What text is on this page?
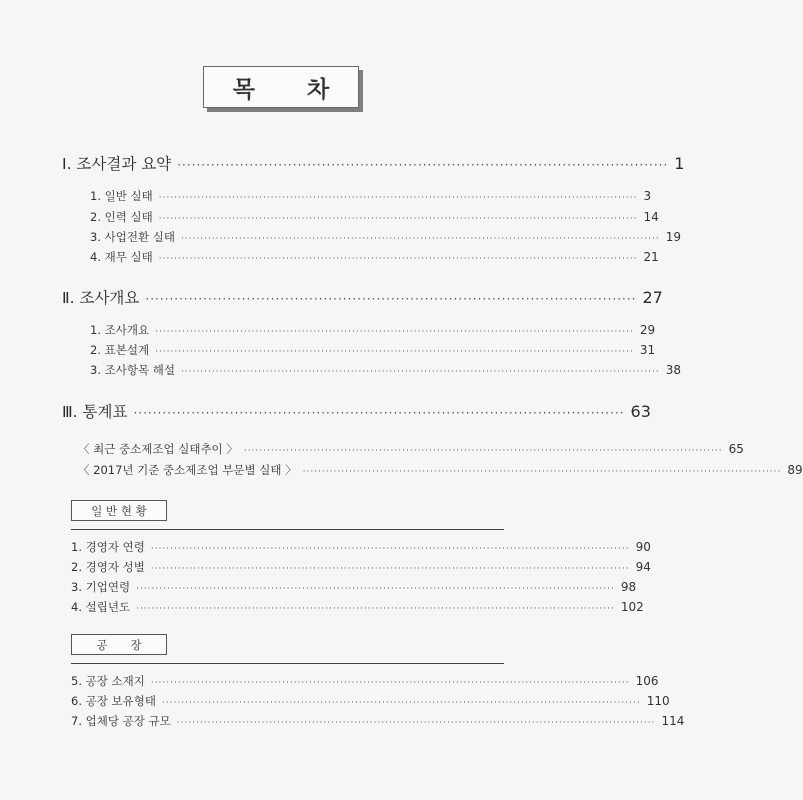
목 차
Ⅰ. 조사결과 요약 ······································································································ 1
1. 일반 실태 ···························································································································· 3
2. 인력 실태 ···························································································································· 14
3. 사업전환 실태 ···························································································································· 19
4. 재무 실태 ···························································································································· 21
Ⅱ. 조사개요 ······································································································ 27
1. 조사개요 ···························································································································· 29
2. 표본설계 ···························································································································· 31
3. 조사항목 해설 ···························································································································· 38
Ⅲ. 통계표 ······································································································ 63
〈 최근 중소제조업 실태추이 〉 ···························································································································· 65
〈 2017년 기준 중소제조업 부문별 실태 〉 ···························································································································· 89
일 반 현 황
1. 경영자 연령 ···························································································································· 90
2. 경영자 성별 ···························································································································· 94
3. 기업연령 ···························································································································· 98
4. 설립년도 ···························································································································· 102
공　　장
5. 공장 소재지 ···························································································································· 106
6. 공장 보유형태 ···························································································································· 110
7. 업체당 공장 규모 ···························································································································· 114
